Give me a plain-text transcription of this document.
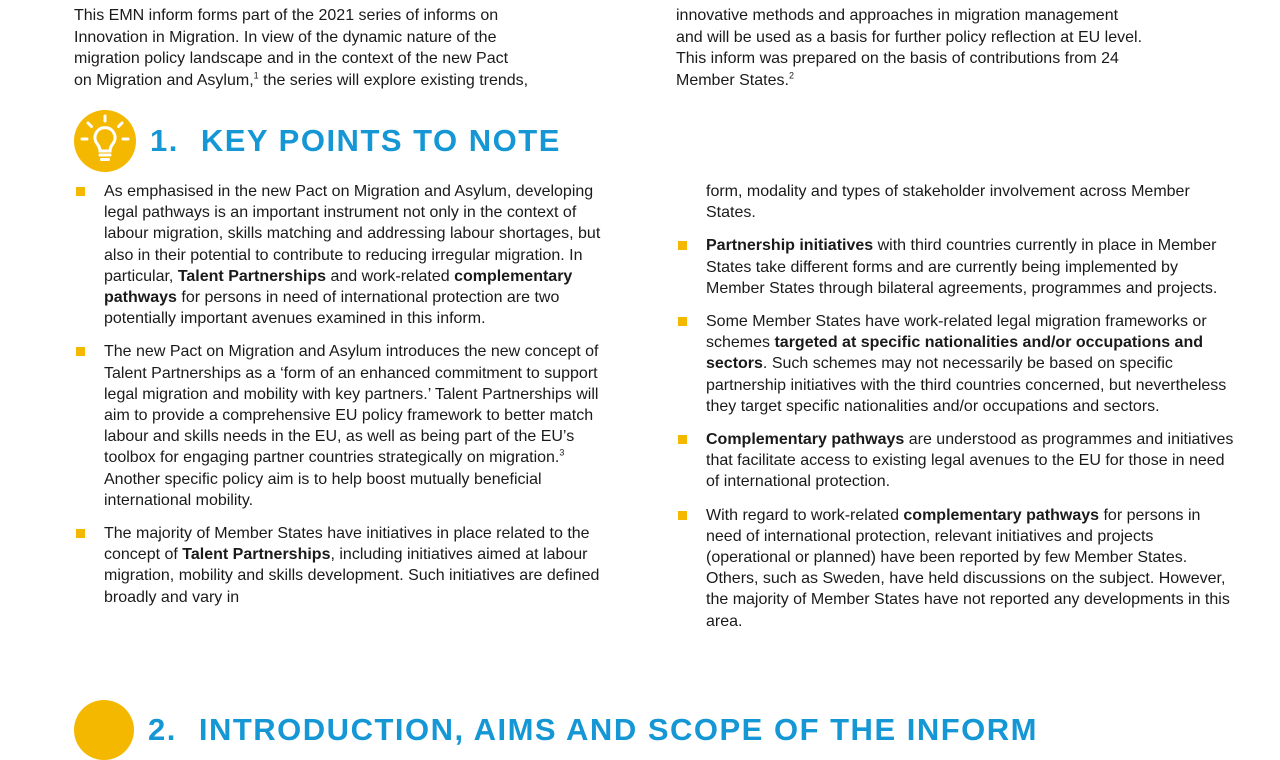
This EMN inform forms part of the 2021 series of informs on
Innovation in Migration. In view of the dynamic nature of the
migration policy landscape and in the context of the new Pact
on Migration and Asylum,$^1$ the series will explore existing trends,

innovative methods and approaches in migration management
and will be used as a basis for further policy reflection at EU level.
This inform was prepared on the basis of contributions from 24
Member States.$^2$

1. KEY POINTS TO NOTE
As emphasised in the new Pact on Migration and Asylum, developing legal pathways is an important instrument not only in the context of labour migration, skills matching and addressing labour shortages, but also in their potential to contribute to reducing irregular migration. In particular, Talent Partnerships and work-related complementary pathways for persons in need of international protection are two potentially important avenues examined in this inform.
The new Pact on Migration and Asylum introduces the new concept of Talent Partnerships as a ‘form of an enhanced commitment to support legal migration and mobility with key partners.’ Talent Partnerships will aim to provide a comprehensive EU policy framework to better match labour and skills needs in the EU, as well as being part of the EU’s toolbox for engaging partner countries strategically on migration.$^3$ Another specific policy aim is to help boost mutually beneficial international mobility.
The majority of Member States have initiatives in place related to the concept of Talent Partnerships, including initiatives aimed at labour migration, mobility and skills development. Such initiatives are defined broadly and vary in
form, modality and types of stakeholder involvement across Member States.
Partnership initiatives with third countries currently in place in Member States take different forms and are currently being implemented by Member States through bilateral agreements, programmes and projects.
Some Member States have work-related legal migration frameworks or schemes targeted at specific nationalities and/or occupations and sectors. Such schemes may not necessarily be based on specific partnership initiatives with the third countries concerned, but nevertheless they target specific nationalities and/or occupations and sectors.
Complementary pathways are understood as programmes and initiatives that facilitate access to existing legal avenues to the EU for those in need of international protection.
With regard to work-related complementary pathways for persons in need of international protection, relevant initiatives and projects (operational or planned) have been reported by few Member States. Others, such as Sweden, have held discussions on the subject. However, the majority of Member States have not reported any developments in this area.
2. INTRODUCTION, AIMS AND SCOPE OF THE INFORM
